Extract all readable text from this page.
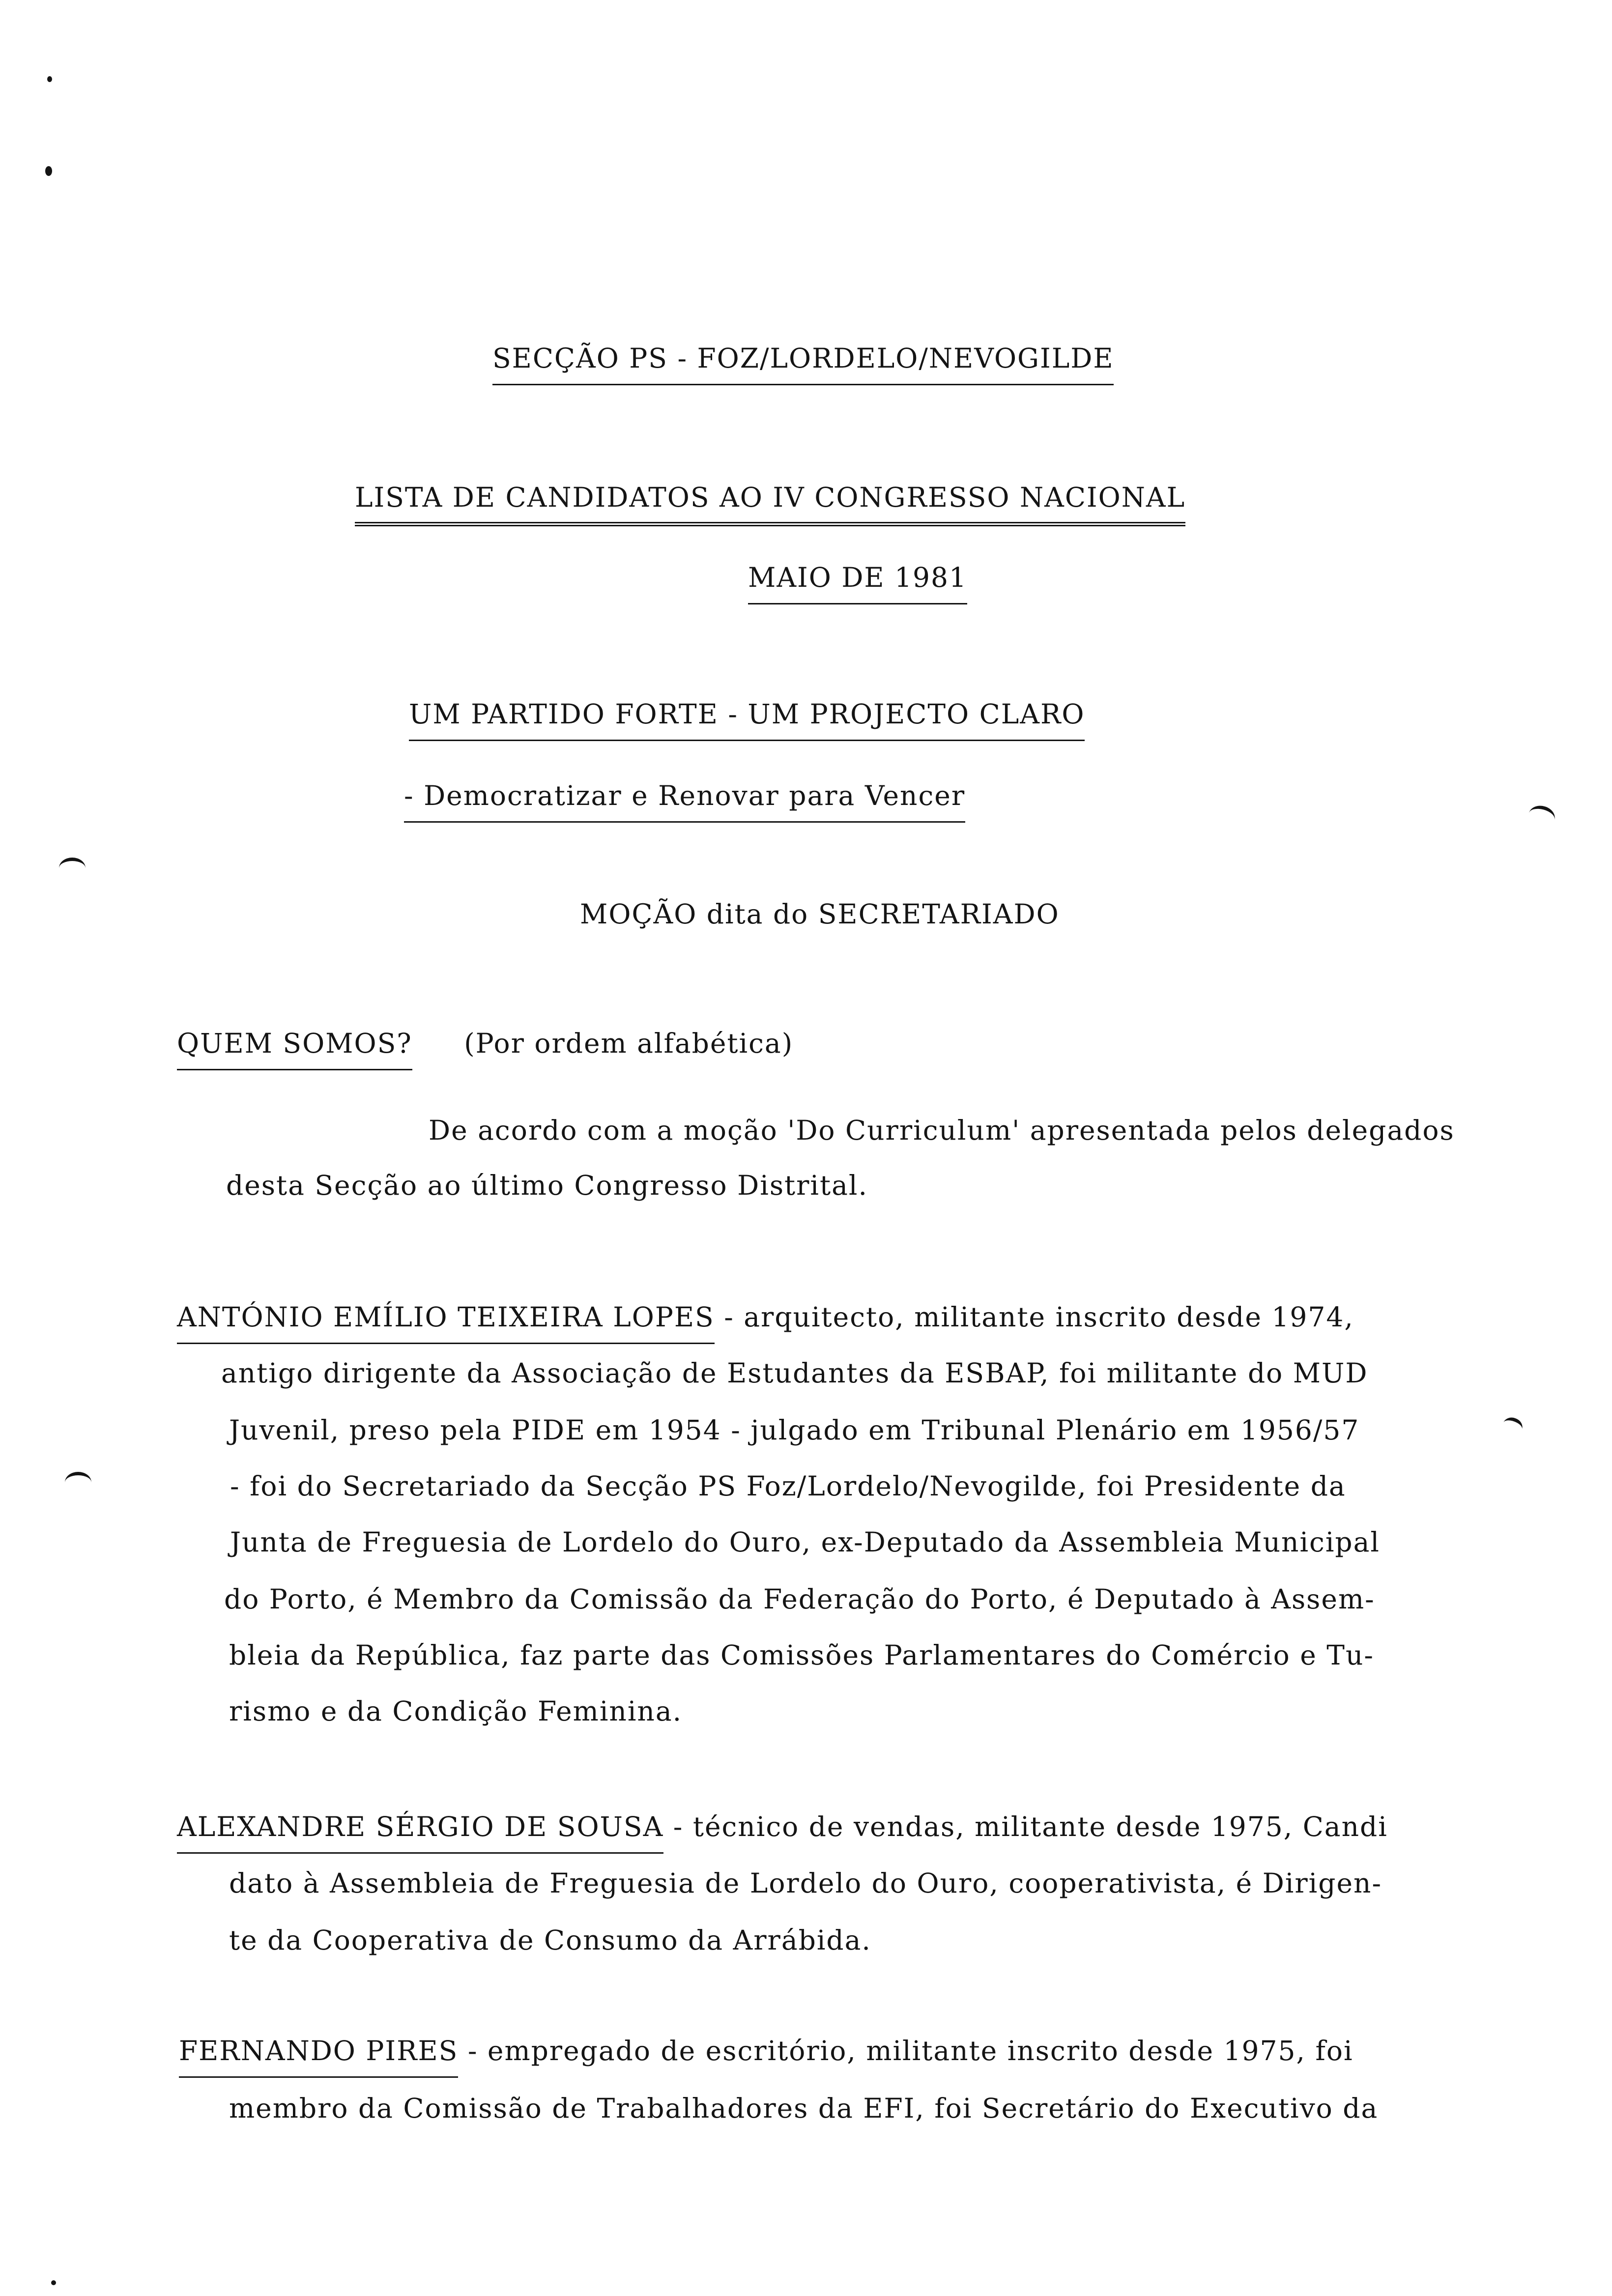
SECÇÃO PS - FOZ/LORDELO/NEVOGILDE
LISTA DE CANDIDATOS AO IV CONGRESSO NACIONAL
MAIO DE 1981
UM PARTIDO FORTE - UM PROJECTO CLARO
- Democratizar e Renovar para Vencer
MOÇÃO dita do SECRETARIADO
QUEM SOMOS? (Por ordem alfabética)
De acordo com a moção 'Do Curriculum' apresentada pelos delegados
desta Secção ao último Congresso Distrital.
ANTÓNIO EMÍLIO TEIXEIRA LOPES - arquitecto, militante inscrito desde 1974,
antigo dirigente da Associação de Estudantes da ESBAP, foi militante do MUD
Juvenil, preso pela PIDE em 1954 - julgado em Tribunal Plenário em 1956/57
- foi do Secretariado da Secção PS Foz/Lordelo/Nevogilde, foi Presidente da
Junta de Freguesia de Lordelo do Ouro, ex-Deputado da Assembleia Municipal
do Porto, é Membro da Comissão da Federação do Porto, é Deputado à Assem-
bleia da República, faz parte das Comissões Parlamentares do Comércio e Tu-
rismo e da Condição Feminina.
ALEXANDRE SÉRGIO DE SOUSA - técnico de vendas, militante desde 1975, Candi
dato à Assembleia de Freguesia de Lordelo do Ouro, cooperativista, é Dirigen-
te da Cooperativa de Consumo da Arrábida.
FERNANDO PIRES - empregado de escritório, militante inscrito desde 1975, foi
membro da Comissão de Trabalhadores da EFI, foi Secretário do Executivo da
